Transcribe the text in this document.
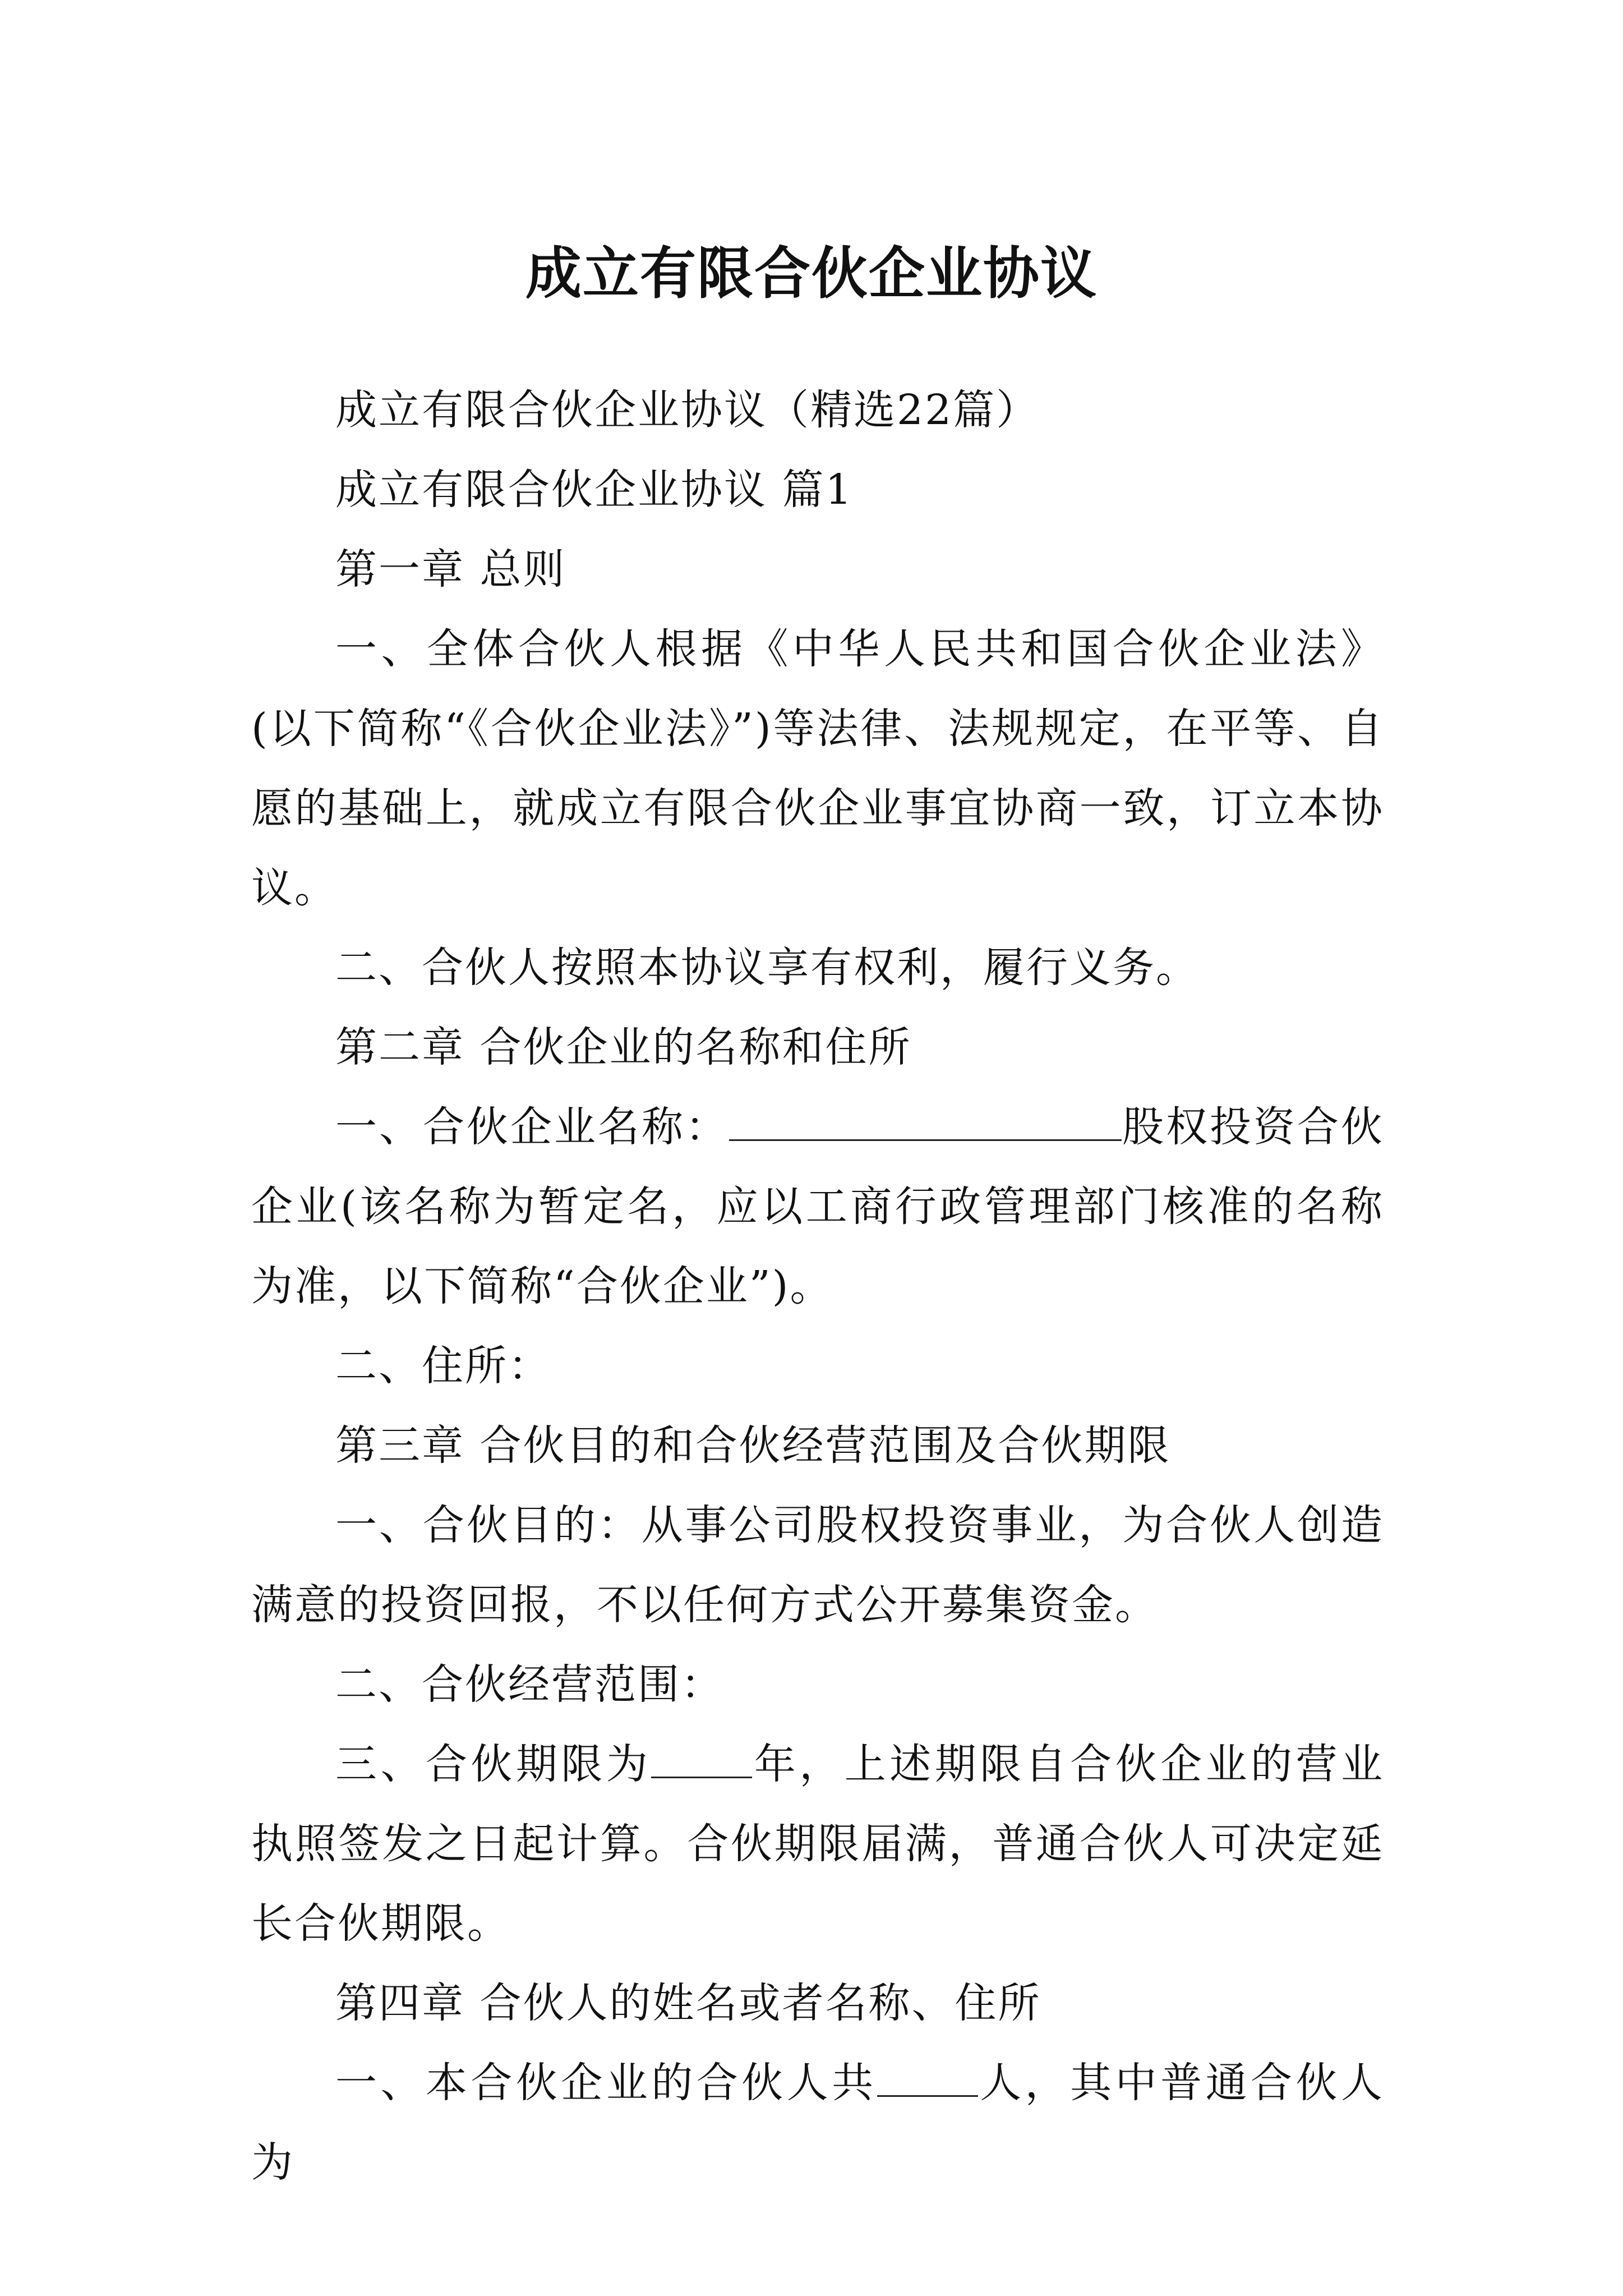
成立有限合伙企业协议

成立有限合伙企业协议（精选22篇）

成立有限合伙企业协议 篇1

第一章 总则

一、全体合伙人根据《中华人民共和国合伙企业法》(以下简称“《合伙企业法》”)等法律、法规规定，在平等、自愿的基础上，就成立有限合伙企业事宜协商一致，订立本协议。

二、合伙人按照本协议享有权利，履行义务。

第二章 合伙企业的名称和住所

一、合伙企业名称：	股权投资合伙企业(该名称为暂定名，应以工商行政管理部门核准的名称为准，以下简称“合伙企业”)。

二、住所：

第三章 合伙目的和合伙经营范围及合伙期限

一、合伙目的：从事公司股权投资事业，为合伙人创造满意的投资回报，不以任何方式公开募集资金。

二、合伙经营范围：

三、合伙期限为 年，上述期限自合伙企业的营业执照签发之日起计算。合伙期限届满，普通合伙人可决定延长合伙期限。

第四章 合伙人的姓名或者名称、住所

一、本合伙企业的合伙人共 人，其中普通合伙人为
